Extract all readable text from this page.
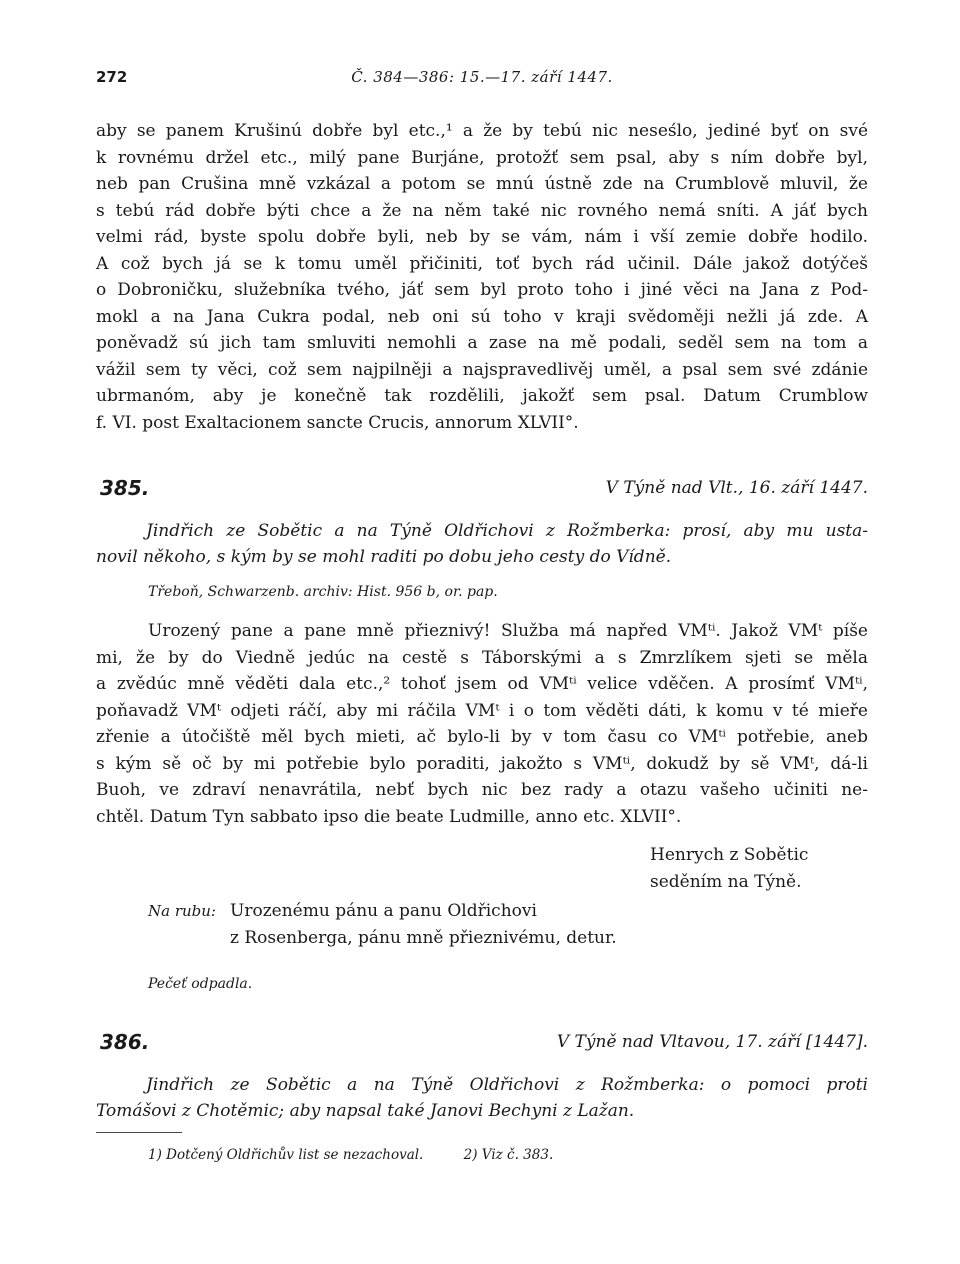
272	Č. 384—386: 15.—17. září 1447.
aby se panem Krušinú dobře byl etc.,¹ a že by tebú nic neseślo, jediné byť on své
k rovnému držel etc., milý pane Burjáne, protožť sem psal, aby s ním dobře byl,
neb pan Crušina mně vzkázal a potom se mnú ústně zde na Crumblově mluvil, že
s tebú rád dobře býti chce a že na něm také nic rovného nemá sníti. A jáť bych
velmi rád, byste spolu dobře byli, neb by se vám, nám i vší zemie dobře hodilo.
A což bych já se k tomu uměl přičiniti, toť bych rád učinil. Dále jakož dotýčeš
o Dobroničku, služebníka tvého, jáť sem byl proto toho i jiné věci na Jana z Pod-
mokl a na Jana Cukra podal, neb oni sú toho v kraji svědoměji nežli já zde. A
poněvadž sú jich tam smluviti nemohli a zase na mě podali, seděl sem na tom a
vážil sem ty věci, což sem najpilněji a najspravedlivěj uměl, a psal sem své zdánie
ubrmanóm, aby je konečně tak rozdělili, jakožť sem psal. Datum Crumblow
f. VI. post Exaltacionem sancte Crucis, annorum XLVII°.
385.	V Týně nad Vlt., 16. září 1447.
Jindřich ze Sobětic a na Týně Oldřichovi z Rožmberka: prosí, aby mu usta-
novil někoho, s kým by se mohl raditi po dobu jeho cesty do Vídně.
Třeboň, Schwarzenb. archiv: Hist. 956 b, or. pap.
Urozený pane a pane mně přieznivý! Služba má napřed VMᵗⁱ. Jakož VMᵗ píše
mi, že by do Viedně jedúc na cestě s Táborskými a s Zmrzlíkem sjeti se měla
a zvědúc mně věděti dala etc.,² tohoť jsem od VMᵗⁱ velice vděčen. A prosímť VMᵗⁱ,
poňavadž VMᵗ odjeti ráčí, aby mi ráčila VMᵗ i o tom věděti dáti, k komu v té mieře
zřenie a útočiště měl bych mieti, ač bylo-li by v tom času co VMᵗⁱ potřebie, aneb
s kým sě oč by mi potřebie bylo poraditi, jakožto s VMᵗⁱ, dokudž by sě VMᵗ, dá-li
Buoh, ve zdraví nenavrátila, nebť bych nic bez rady a otazu vašeho učiniti ne-
chtěl. Datum Tyn sabbato ipso die beate Ludmille, anno etc. XLVII°.
Henrych z Sobětic
seděním na Týně.
Na rubu: Urozenému pánu a panu Oldřichovi
z Rosenberga, pánu mně přieznivému, detur.
Pečeť odpadla.
386.	V Týně nad Vltavou, 17. září [1447].
Jindřich ze Sobětic a na Týně Oldřichovi z Rožmberka: o pomoci proti
Tomášovi z Chotěmic; aby napsal také Janovi Bechyni z Lažan.
1) Dotčený Oldřichův list se nezachoval.	2) Viz č. 383.
